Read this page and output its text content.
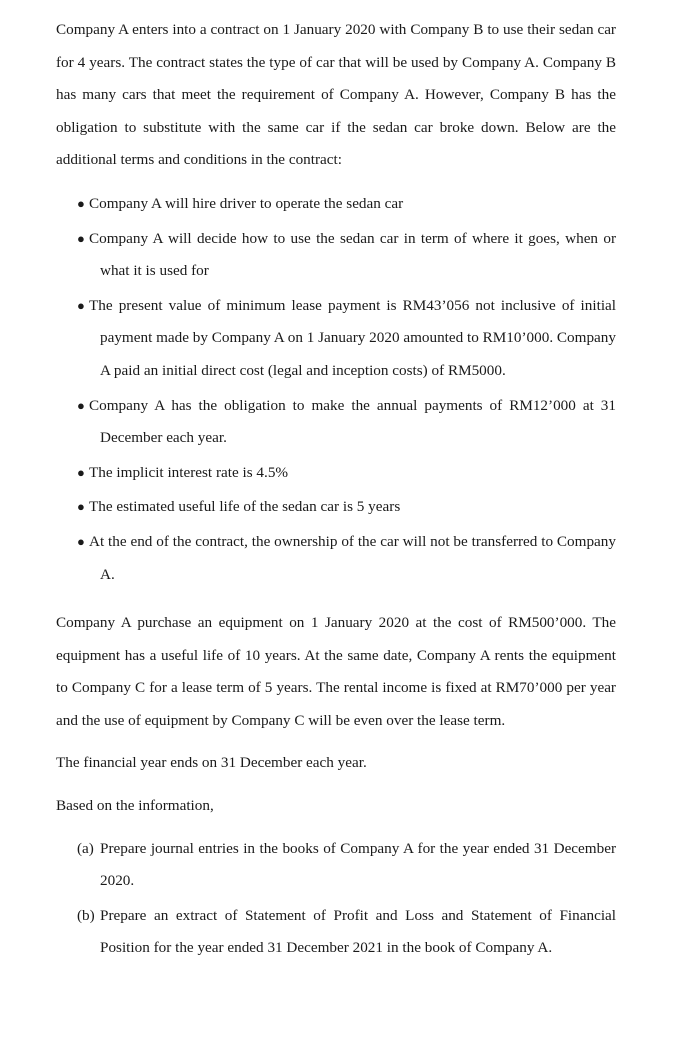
Company A enters into a contract on 1 January 2020 with Company B to use their sedan car for 4 years. The contract states the type of car that will be used by Company A. Company B has many cars that meet the requirement of Company A. However, Company B has the obligation to substitute with the same car if the sedan car broke down. Below are the additional terms and conditions in the contract:

● Company A will hire driver to operate the sedan car
● Company A will decide how to use the sedan car in term of where it goes, when or what it is used for
● The present value of minimum lease payment is RM43’056 not inclusive of initial payment made by Company A on 1 January 2020 amounted to RM10’000. Company A paid an initial direct cost (legal and inception costs) of RM5000.
● Company A has the obligation to make the annual payments of RM12’000 at 31 December each year.
● The implicit interest rate is 4.5%
● The estimated useful life of the sedan car is 5 years
● At the end of the contract, the ownership of the car will not be transferred to Company A.

Company A purchase an equipment on 1 January 2020 at the cost of RM500’000. The equipment has a useful life of 10 years. At the same date, Company A rents the equipment to Company C for a lease term of 5 years. The rental income is fixed at RM70’000 per year and the use of equipment by Company C will be even over the lease term.

The financial year ends on 31 December each year.

Based on the information,

(a) Prepare journal entries in the books of Company A for the year ended 31 December 2020.
(b) Prepare an extract of Statement of Profit and Loss and Statement of Financial Position for the year ended 31 December 2021 in the book of Company A.
